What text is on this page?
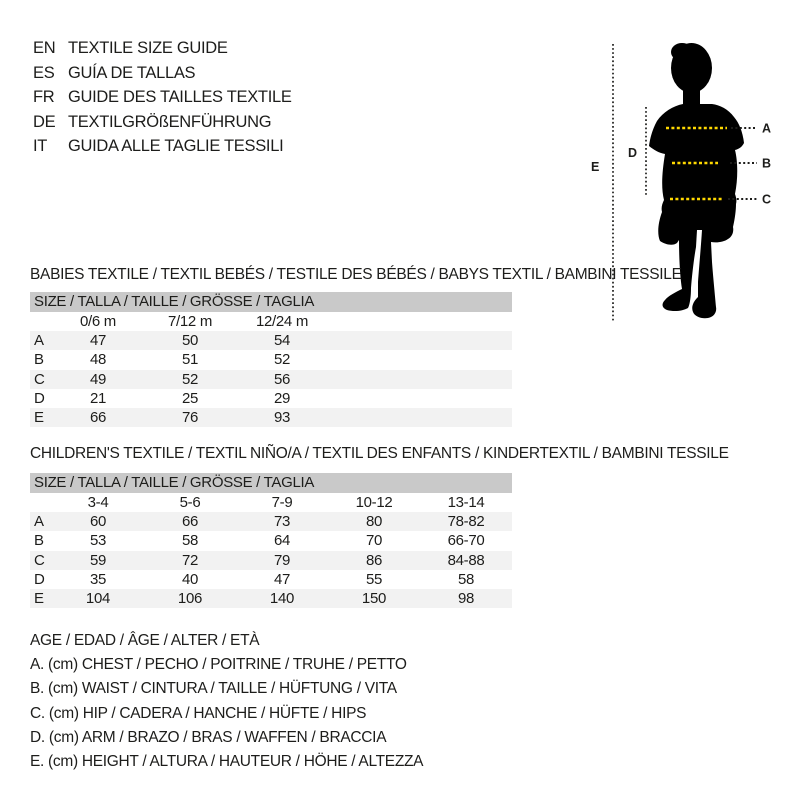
EN TEXTILE SIZE GUIDE
ES GUÍA DE TALLAS
FR GUIDE DES TAILLES TEXTILE
DE TEXTILGRÖßENFÜHRUNG
IT	GUIDA ALLE TAGLIE TESSILI
E
D
A
B
C
BABIES TEXTILE / TEXTIL BEBÉS / TESTILE DES BÉBÉS / BABYS TEXTIL / BAMBINI TESSILE
SIZE / TALLA / TAILLE / GRÖSSE / TAGLIA
0/6 m	7/12 m	12/24 m
A	47	50	54
B	48	51	52
C	49	52	56
D	21	25	29
E	66	76	93
CHILDREN'S TEXTILE / TEXTIL NIÑO/A / TEXTIL DES ENFANTS / KINDERTEXTIL / BAMBINI TESSILE
SIZE / TALLA / TAILLE / GRÖSSE / TAGLIA
3-4	5-6	7-9	10-12	13-14
A	60	66	73	80	78-82
B	53	58	64	70	66-70
C	59	72	79	86	84-88
D	35	40	47	55	58
E	104	106	140	150	98
AGE / EDAD / ÂGE / ALTER / ETÀ
A. (cm) CHEST / PECHO / POITRINE / TRUHE / PETTO
B. (cm) WAIST / CINTURA / TAILLE / HÜFTUNG / VITA
C. (cm) HIP / CADERA / HANCHE / HÜFTE / HIPS
D. (cm) ARM / BRAZO / BRAS / WAFFEN / BRACCIA
E. (cm) HEIGHT / ALTURA / HAUTEUR / HÖHE / ALTEZZA
